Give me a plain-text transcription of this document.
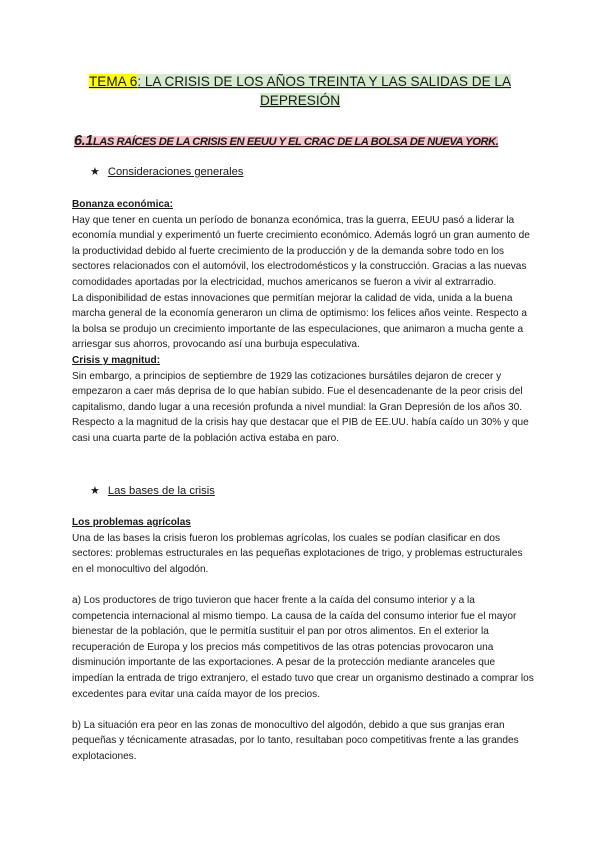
TEMA 6: LA CRISIS DE LOS AÑOS TREINTA Y LAS SALIDAS DE LA DEPRESIÓN
6.1LAS RAÍCES DE LA CRISIS EN EEUU Y EL CRAC DE LA BOLSA DE NUEVA YORK.
★ Consideraciones generales

Bonanza económica:

Hay que tener en cuenta un período de bonanza económica, tras la guerra, EEUU pasó a liderar la economía mundial y experimentó un fuerte crecimiento económico. Además logró un gran aumento de la productividad debido al fuerte crecimiento de la producción y de la demanda sobre todo en los sectores relacionados con el automóvil, los electrodomésticos y la construcción. Gracias a las nuevas comodidades aportadas por la electricidad, muchos americanos se fueron a vivir al extrarradio.

La disponibilidad de estas innovaciones que permitían mejorar la calidad de vida, unida a la buena marcha general de la economía generaron un clima de optimismo: los felices años veinte. Respecto a la bolsa se produjo un crecimiento importante de las especulaciones, que animaron a mucha gente a arriesgar sus ahorros, provocando así una burbuja especulativa.

Crisis y magnitud:

Sin embargo, a principios de septiembre de 1929 las cotizaciones bursátiles dejaron de crecer y empezaron a caer más deprisa de lo que habían subido. Fue el desencadenante de la peor crisis del capitalismo, dando lugar a una recesión profunda a nivel mundial: la Gran Depresión de los años 30.

Respecto a la magnitud de la crisis hay que destacar que el PIB de EE.UU. había caído un 30% y que casi una cuarta parte de la población activa estaba en paro.

★ Las bases de la crisis

Los problemas agrícolas

Una de las bases la crisis fueron los problemas agrícolas, los cuales se podían clasificar en dos sectores: problemas estructurales en las pequeñas explotaciones de trigo, y problemas estructurales en el monocultivo del algodón.

a) Los productores de trigo tuvieron que hacer frente a la caída del consumo interior y a la competencia internacional al mismo tiempo. La causa de la caída del consumo interior fue el mayor bienestar de la población, que le permitía sustituir el pan por otros alimentos. En el exterior la recuperación de Europa y los precios más competitivos de las otras potencias provocaron una disminución importante de las exportaciones. A pesar de la protección mediante aranceles que impedían la entrada de trigo extranjero, el estado tuvo que crear un organismo destinado a comprar los excedentes para evitar una caída mayor de los precios.

b) La situación era peor en las zonas de monocultivo del algodón, debido a que sus granjas eran pequeñas y técnicamente atrasadas, por lo tanto, resultaban poco competitivas frente a las grandes explotaciones.
